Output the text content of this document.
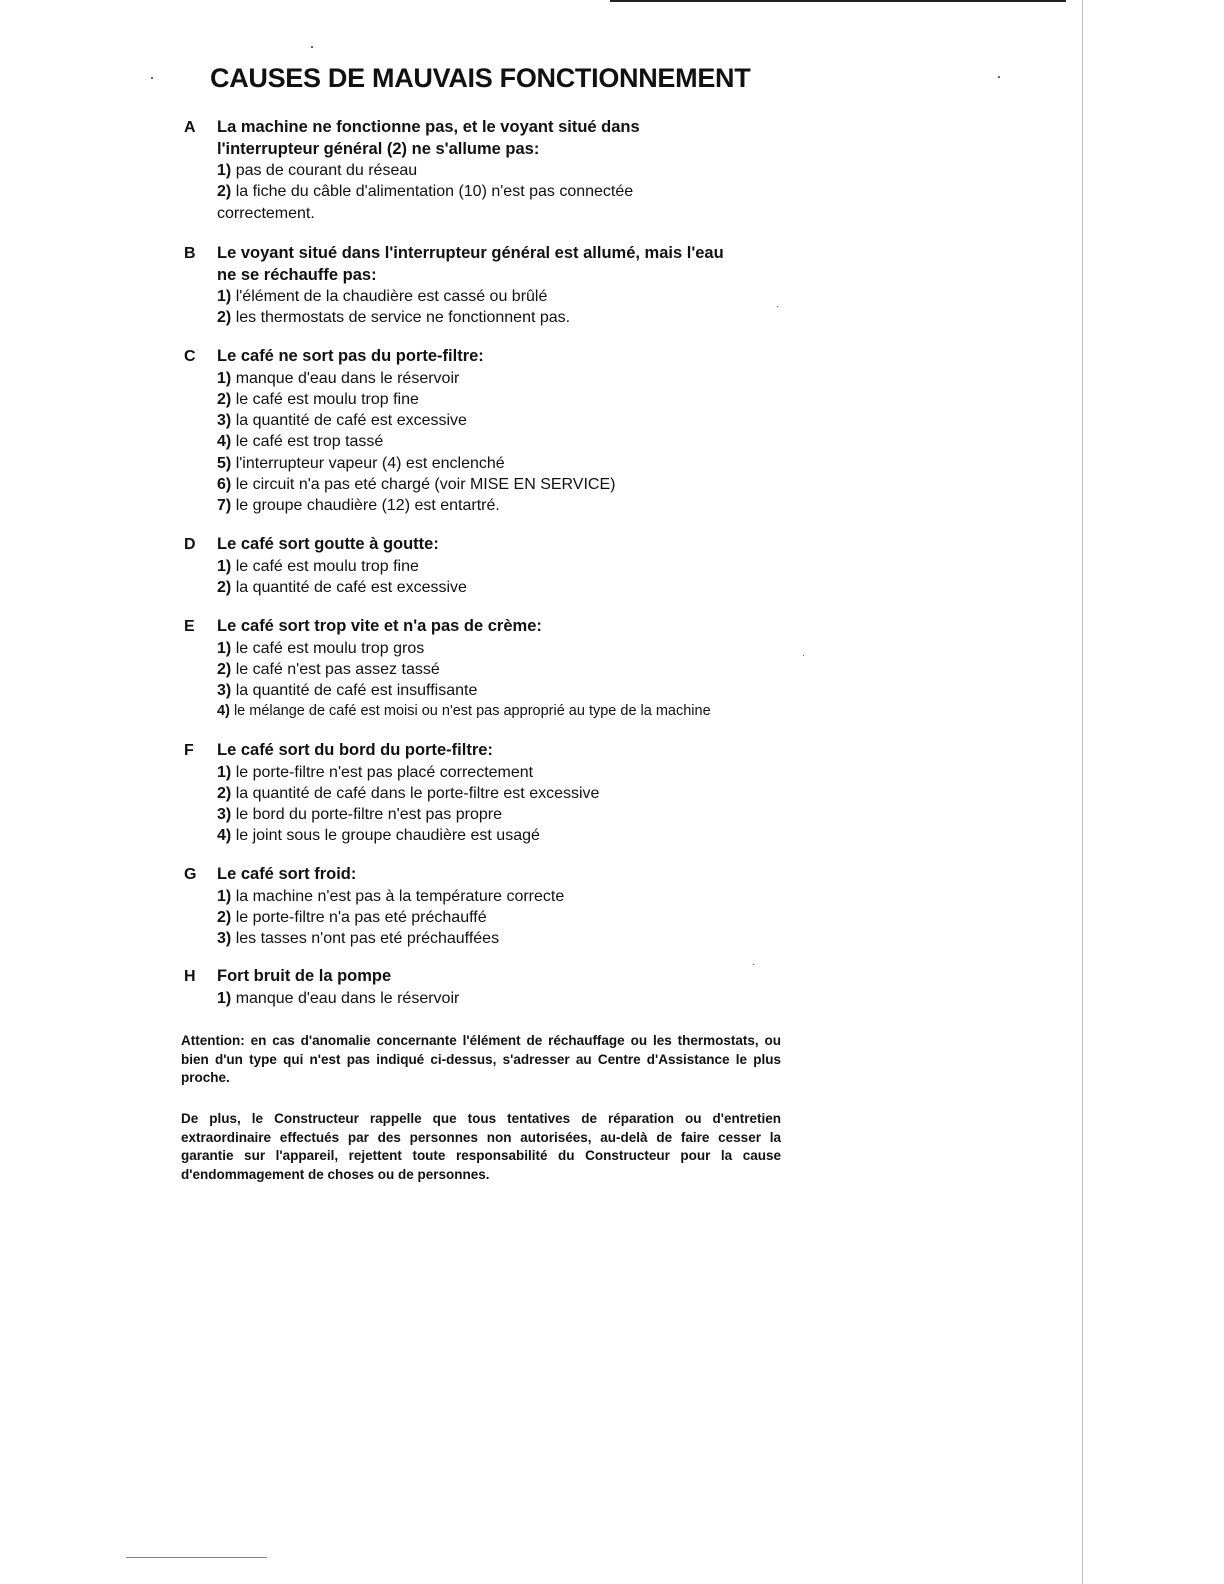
CAUSES DE MAUVAIS FONCTIONNEMENT
A La machine ne fonctionne pas, et le voyant situé dans

l'interrupteur général (2) ne s'allume pas:

1) pas de courant du réseau

2) la fiche du câble d'alimentation (10) n'est pas connectée

correctement.

B Le voyant situé dans l'interrupteur général est allumé, mais l'eau

ne se réchauffe pas:

1) l'élément de la chaudière est cassé ou brûlé

2) les thermostats de service ne fonctionnent pas.

C Le café ne sort pas du porte-filtre:

1) manque d'eau dans le réservoir

2) le café est moulu trop fine

3) la quantité de café est excessive

4) le café est trop tassé

5) l'interrupteur vapeur (4) est enclenché

6) le circuit n'a pas eté chargé (voir MISE EN SERVICE)

7) le groupe chaudière (12) est entartré.

D Le café sort goutte à goutte:

1) le café est moulu trop fine

2) la quantité de café est excessive

E Le café sort trop vite et n'a pas de crème:

1) le café est moulu trop gros

2) le café n'est pas assez tassé

3) la quantité de café est insuffisante

4) le mélange de café est moisi ou n'est pas approprié au type de la machine

F Le café sort du bord du porte-filtre:

1) le porte-filtre n'est pas placé correctement

2) la quantité de café dans le porte-filtre est excessive

3) le bord du porte-filtre n'est pas propre

4) le joint sous le groupe chaudière est usagé

G Le café sort froid:

1) la machine n'est pas à la température correcte

2) le porte-filtre n'a pas eté préchauffé

3) les tasses n'ont pas eté préchauffées

H Fort bruit de la pompe

1) manque d'eau dans le réservoir

Attention: en cas d'anomalie concernante l'élément de réchauffage ou les thermostats, ou bien d'un type qui n'est pas indiqué ci-dessus, s'adresser au Centre d'Assistance le plus proche.

De plus, le Constructeur rappelle que tous tentatives de réparation ou d'entretien extraordinaire effectués par des personnes non autorisées, au-delà de faire cesser la garantie sur l'appareil, rejettent toute responsabilité du Constructeur pour la cause d'endommagement de choses ou de personnes.
